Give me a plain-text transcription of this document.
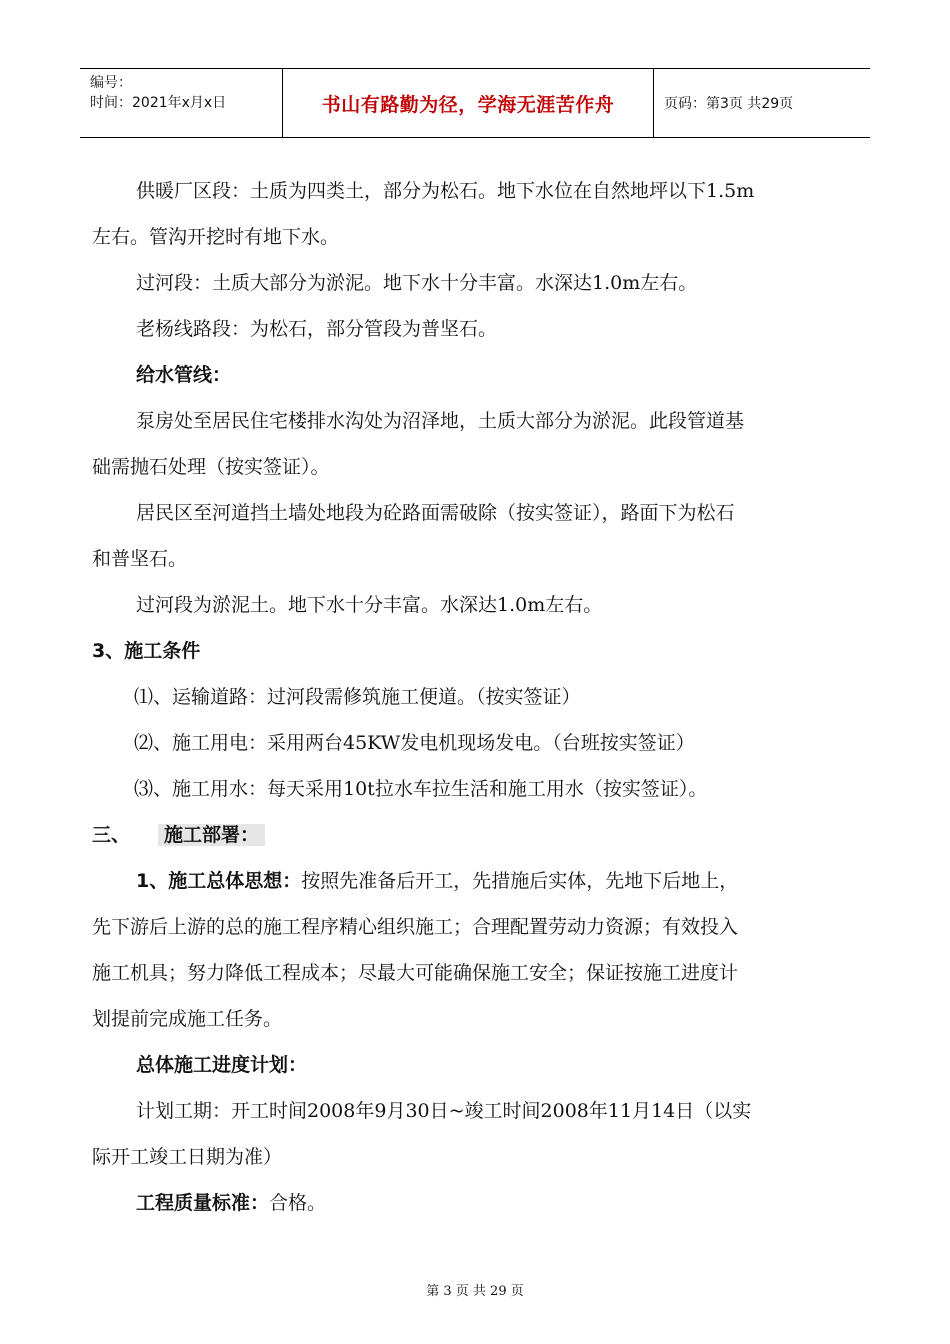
编号：
时间：2021年x月x日	书山有路勤为径，学海无涯苦作舟	页码：第3页 共29页

供暖厂区段：土质为四类土，部分为松石。地下水位在自然地坪以下1.5m

左右。管沟开挖时有地下水。

过河段：土质大部分为淤泥。地下水十分丰富。水深达1.0m左右。

老杨线路段：为松石，部分管段为普坚石。

给水管线：

泵房处至居民住宅楼排水沟处为沼泽地，土质大部分为淤泥。此段管道基

础需抛石处理（按实签证）。

居民区至河道挡土墙处地段为砼路面需破除（按实签证），路面下为松石

和普坚石。

过河段为淤泥土。地下水十分丰富。水深达1.0m左右。

3、施工条件

⑴、运输道路：过河段需修筑施工便道。（按实签证）

⑵、施工用电：采用两台45KW发电机现场发电。（台班按实签证）

⑶、施工用水：每天采用10t拉水车拉生活和施工用水（按实签证）。

三、 施工部署：

1、施工总体思想：按照先准备后开工，先措施后实体，先地下后地上，

先下游后上游的总的施工程序精心组织施工；合理配置劳动力资源；有效投入

施工机具；努力降低工程成本；尽最大可能确保施工安全；保证按施工进度计

划提前完成施工任务。

总体施工进度计划：

计划工期：开工时间2008年9月30日~竣工时间2008年11月14日（以实

际开工竣工日期为准）

工程质量标准：合格。

第 3 页 共 29 页
